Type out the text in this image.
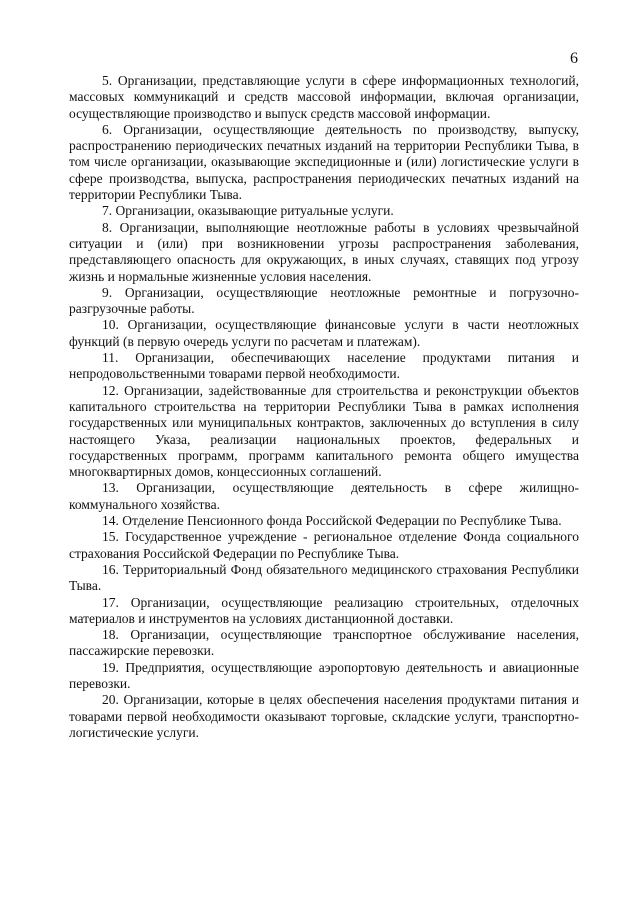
6

5. Организации, представляющие услуги в сфере информационных технологий, массовых коммуникаций и средств массовой информации, включая организации, осуществляющие производство и выпуск средств массовой информации.

6. Организации, осуществляющие деятельность по производству, выпуску, распространению периодических печатных изданий на территории Республики Тыва, в том числе организации, оказывающие экспедиционные и (или) логистические услуги в сфере производства, выпуска, распространения периодических печатных изданий на территории Республики Тыва.

7. Организации, оказывающие ритуальные услуги.

8. Организации, выполняющие неотложные работы в условиях чрезвычайной ситуации и (или) при возникновении угрозы распространения заболевания, представляющего опасность для окружающих, в иных случаях, ставящих под угрозу жизнь и нормальные жизненные условия населения.

9. Организации, осуществляющие неотложные ремонтные и погрузочно-разгрузочные работы.

10. Организации, осуществляющие финансовые услуги в части неотложных функций (в первую очередь услуги по расчетам и платежам).

11. Организации, обеспечивающих население продуктами питания и непродовольственными товарами первой необходимости.

12. Организации, задействованные для строительства и реконструкции объектов капитального строительства на территории Республики Тыва в рамках исполнения государственных или муниципальных контрактов, заключенных до вступления в силу настоящего Указа, реализации национальных проектов, федеральных и государственных программ, программ капитального ремонта общего имущества многоквартирных домов, концессионных соглашений.

13. Организации, осуществляющие деятельность в сфере жилищно-коммунального хозяйства.

14. Отделение Пенсионного фонда Российской Федерации по Республике Тыва.

15. Государственное учреждение - региональное отделение Фонда социального страхования Российской Федерации по Республике Тыва.

16. Территориальный Фонд обязательного медицинского страхования Республики Тыва.

17. Организации, осуществляющие реализацию строительных, отделочных материалов и инструментов на условиях дистанционной доставки.

18. Организации, осуществляющие транспортное обслуживание населения, пассажирские перевозки.

19. Предприятия, осуществляющие аэропортовую деятельность и авиационные перевозки.

20. Организации, которые в целях обеспечения населения продуктами питания и товарами первой необходимости оказывают торговые, складские услуги, транспортно-логистические услуги.
